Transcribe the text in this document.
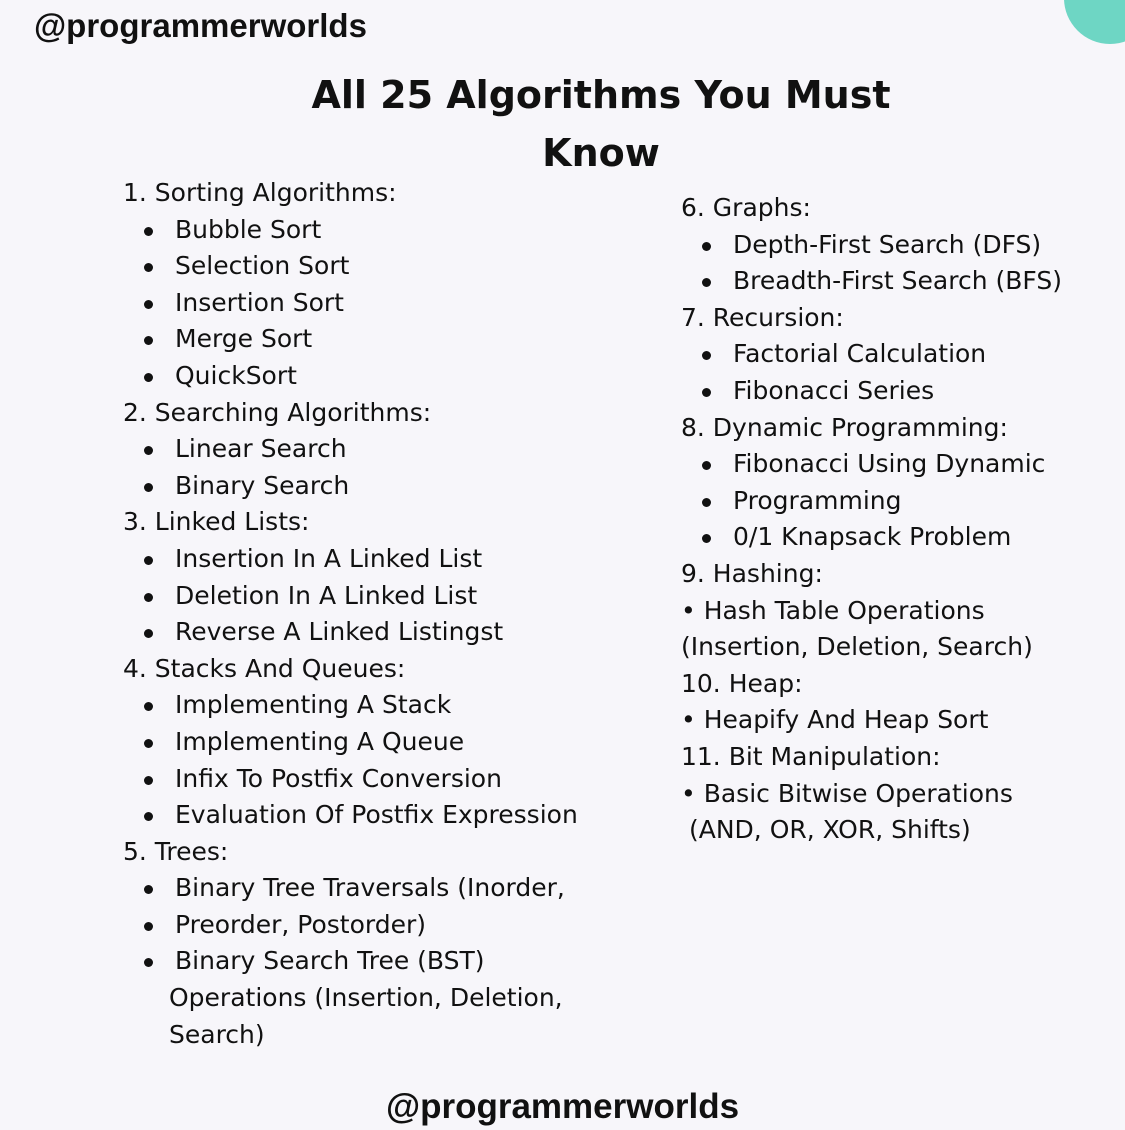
@programmerworlds
All 25 Algorithms You Must
Know
1. Sorting Algorithms:
Bubble Sort
Selection Sort
Insertion Sort
Merge Sort
QuickSort
2. Searching Algorithms:
Linear Search
Binary Search
3. Linked Lists:
Insertion In A Linked List
Deletion In A Linked List
Reverse A Linked Listingst
4. Stacks And Queues:
Implementing A Stack
Implementing A Queue
Infix To Postfix Conversion
Evaluation Of Postfix Expression
5. Trees:
Binary Tree Traversals (Inorder,
Preorder, Postorder)
Binary Search Tree (BST)
Operations (Insertion, Deletion,
Search)
6. Graphs:
Depth-First Search (DFS)
Breadth-First Search (BFS)
7. Recursion:
Factorial Calculation
Fibonacci Series
8. Dynamic Programming:
Fibonacci Using Dynamic
Programming
0/1 Knapsack Problem
9. Hashing:
• Hash Table Operations
(Insertion, Deletion, Search)
10. Heap:
• Heapify And Heap Sort
11. Bit Manipulation:
• Basic Bitwise Operations
(AND, OR, XOR, Shifts)
@programmerworlds
